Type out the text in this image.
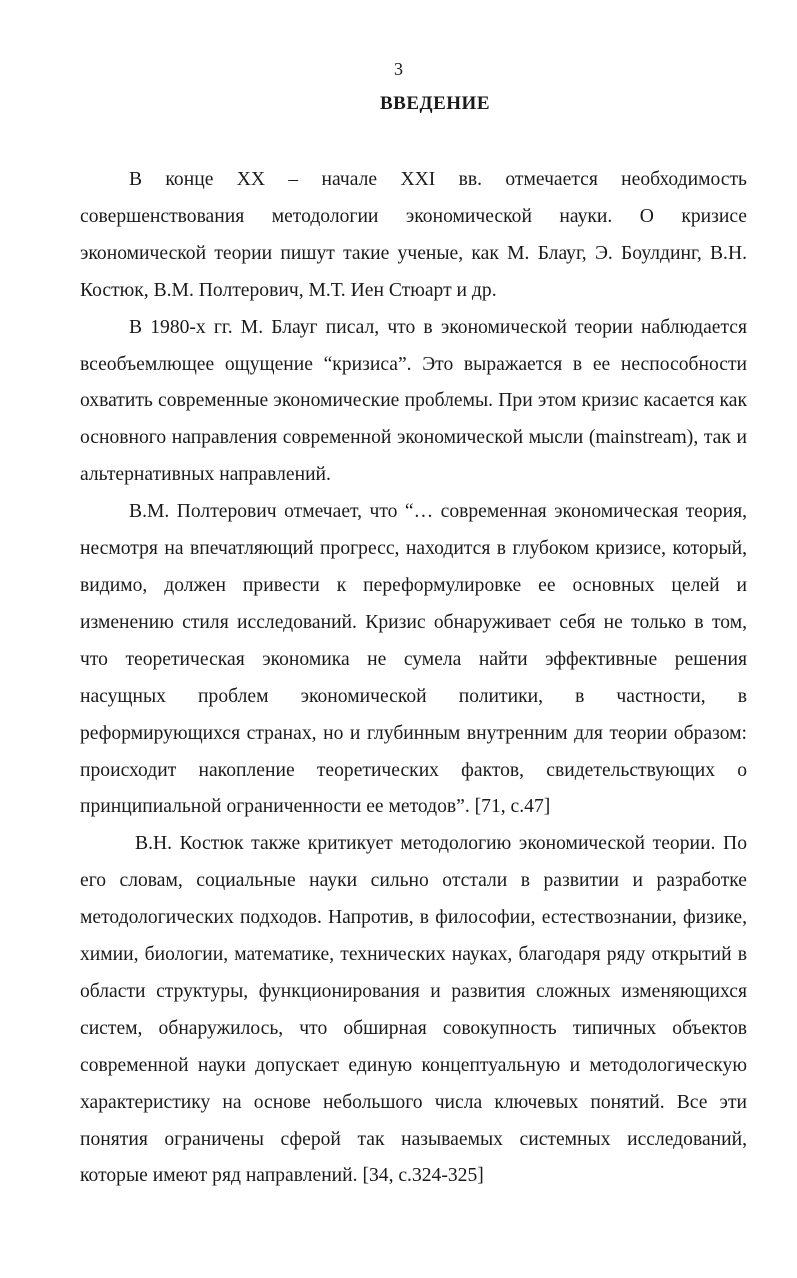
3
ВВЕДЕНИЕ

В конце XX – начале XXI вв. отмечается необходимость совершенствования методологии экономической науки. О кризисе экономической теории пишут такие ученые, как М. Блауг, Э. Боулдинг, В.Н. Костюк, В.М. Полтерович, М.Т. Иен Стюарт и др.

В 1980-х гг. М. Блауг писал, что в экономической теории наблюдается всеобъемлющее ощущение “кризиса”. Это выражается в ее неспособности охватить современные экономические проблемы. При этом кризис касается как основного направления современной экономической мысли (mainstream), так и альтернативных направлений.

В.М. Полтерович отмечает, что “… современная экономическая теория, несмотря на впечатляющий прогресс, находится в глубоком кризисе, который, видимо, должен привести к переформулировке ее основных целей и изменению стиля исследований. Кризис обнаруживает себя не только в том, что теоретическая экономика не сумела найти эффективные решения насущных проблем экономической политики, в частности, в реформирующихся странах, но и глубинным внутренним для теории образом: происходит накопление теоретических фактов, свидетельствующих о принципиальной ограниченности ее методов”. [71, с.47]

В.Н. Костюк также критикует методологию экономической теории. По его словам, социальные науки сильно отстали в развитии и разработке методологических подходов. Напротив, в философии, естествознании, физике, химии, биологии, математике, технических науках, благодаря ряду открытий в области структуры, функционирования и развития сложных изменяющихся систем, обнаружилось, что обширная совокупность типичных объектов современной науки допускает единую концептуальную и методологическую характеристику на основе небольшого числа ключевых понятий. Все эти понятия ограничены сферой так называемых системных исследований, которые имеют ряд направлений. [34, с.324-325]
